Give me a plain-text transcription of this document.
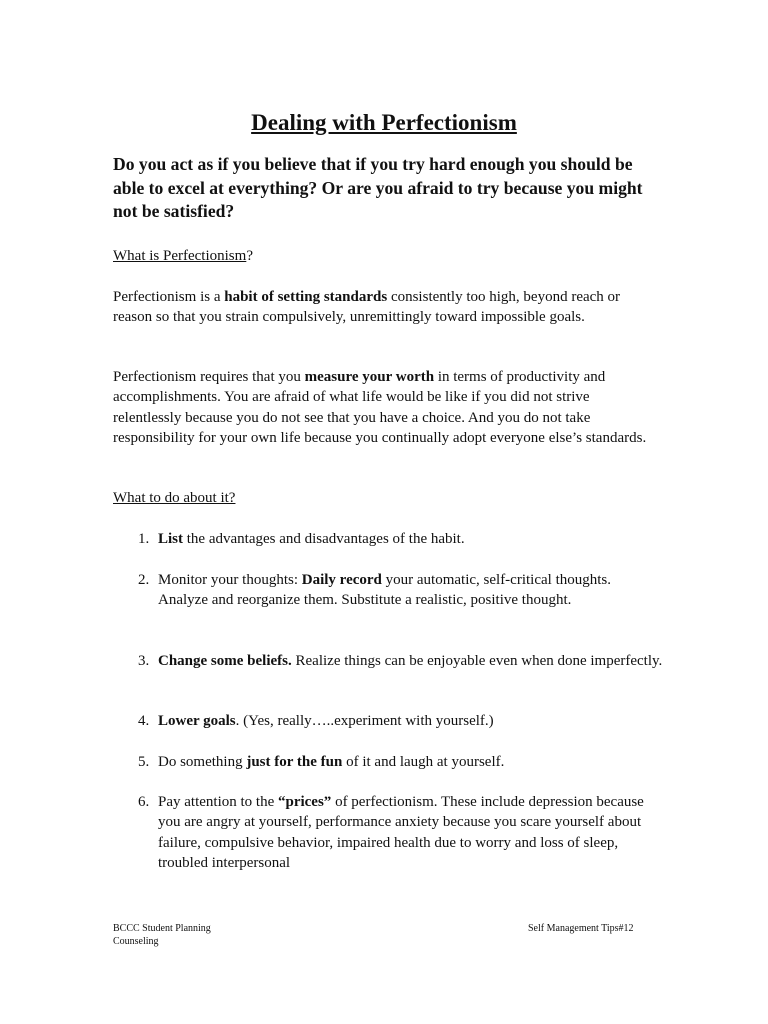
Dealing with Perfectionism

Do you act as if you believe that if you try hard enough you should be able to excel at everything? Or are you afraid to try because you might not be satisfied?

What is Perfectionism?

Perfectionism is a habit of setting standards consistently too high, beyond reach or reason so that you strain compulsively, unremittingly toward impossible goals.

Perfectionism requires that you measure your worth in terms of productivity and accomplishments. You are afraid of what life would be like if you did not strive relentlessly because you do not see that you have a choice. And you do not take responsibility for your own life because you continually adopt everyone else’s standards.

What to do about it?

1. List the advantages and disadvantages of the habit.
2. Monitor your thoughts: Daily record your automatic, self-critical thoughts. Analyze and reorganize them. Substitute a realistic, positive thought.
3. Change some beliefs. Realize things can be enjoyable even when done imperfectly.
4. Lower goals. (Yes, really…..experiment with yourself.)
5. Do something just for the fun of it and laugh at yourself.
6. Pay attention to the “prices” of perfectionism. These include depression because you are angry at yourself, performance anxiety because you scare yourself about failure, compulsive behavior, impaired health due to worry and loss of sleep, troubled interpersonal
BCCC Student Planning
Counseling
Self Management Tips#12
